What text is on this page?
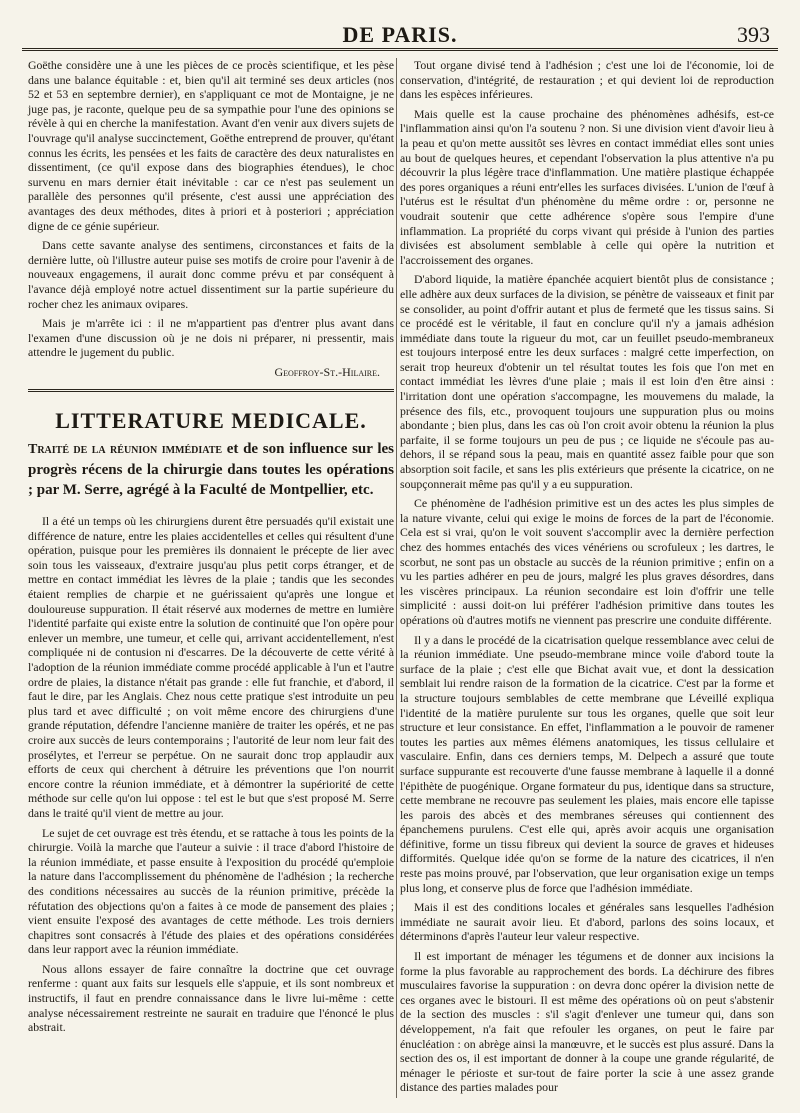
DE PARIS.	393

Goëthe considère une à une les pièces de ce procès scientifique, et les pèse dans une balance équitable : et, bien qu'il ait terminé ses deux articles (nos 52 et 53 en septembre dernier), en s'appliquant ce mot de Montaigne, je ne juge pas, je raconte, quelque peu de sa sympathie pour l'une des opinions se révèle à qui en cherche la manifestation. Avant d'en venir aux divers sujets de l'ouvrage qu'il analyse succinctement, Goëthe entreprend de prouver, qu'étant connus les écrits, les pensées et les faits de caractère des deux naturalistes en dissentiment, (ce qu'il expose dans des biographies étendues), le choc survenu en mars dernier était inévitable : car ce n'est pas seulement un parallèle des personnes qu'il présente, c'est aussi une appréciation des avantages des deux méthodes, dites à priori et à posteriori ; appréciation digne de ce génie supérieur.

Dans cette savante analyse des sentimens, circonstances et faits de la dernière lutte, où l'illustre auteur puise ses motifs de croire pour l'avenir à de nouveaux engagemens, il aurait donc comme prévu et par conséquent à l'avance déjà employé notre actuel dissentiment sur la partie supérieure du rocher chez les animaux ovipares.

Mais je m'arrête ici : il ne m'appartient pas d'entrer plus avant dans l'examen d'une discussion où je ne dois ni préparer, ni pressentir, mais attendre le jugement du public.

Geoffroy-St.-Hilaire.
LITTERATURE MEDICALE.
Traité de la réunion immédiate et de son influence sur les progrès récens de la chirurgie dans toutes les opérations ; par M. Serre, agrégé à la Faculté de Montpellier, etc.

Il a été un temps où les chirurgiens durent être persuadés qu'il existait une différence de nature, entre les plaies accidentelles et celles qui résultent d'une opération, puisque pour les premières ils donnaient le précepte de lier avec soin tous les vaisseaux, d'extraire jusqu'au plus petit corps étranger, et de mettre en contact immédiat les lèvres de la plaie ; tandis que les secondes étaient remplies de charpie et ne guérissaient qu'après une longue et douloureuse suppuration. Il était réservé aux modernes de mettre en lumière l'identité parfaite qui existe entre la solution de continuité que l'on opère pour enlever un membre, une tumeur, et celle qui, arrivant accidentellement, n'est compliquée ni de contusion ni d'escarres. De la découverte de cette vérité à l'adoption de la réunion immédiate comme procédé applicable à l'un et l'autre ordre de plaies, la distance n'était pas grande : elle fut franchie, et d'abord, il faut le dire, par les Anglais. Chez nous cette pratique s'est introduite un peu plus tard et avec difficulté ; on voit même encore des chirurgiens d'une grande réputation, défendre l'ancienne manière de traiter les opérés, et ne pas croire aux succès de leurs contemporains ; l'autorité de leur nom leur fait des prosélytes, et l'erreur se perpétue. On ne saurait donc trop applaudir aux efforts de ceux qui cherchent à détruire les préventions que l'on nourrit encore contre la réunion immédiate, et à démontrer la supériorité de cette méthode sur celle qu'on lui oppose : tel est le but que s'est proposé M. Serre dans le traité qu'il vient de mettre au jour.

Le sujet de cet ouvrage est très étendu, et se rattache à tous les points de la chirurgie. Voilà la marche que l'auteur a suivie : il trace d'abord l'histoire de la réunion immédiate, et passe ensuite à l'exposition du procédé qu'emploie la nature dans l'accomplissement du phénomène de l'adhésion ; la recherche des conditions nécessaires au succès de la réunion primitive, précède la réfutation des objections qu'on a faites à ce mode de pansement des plaies ; vient ensuite l'exposé des avantages de cette méthode. Les trois derniers chapitres sont consacrés à l'étude des plaies et des opérations considérées dans leur rapport avec la réunion immédiate.

Nous allons essayer de faire connaître la doctrine que cet ouvrage renferme : quant aux faits sur lesquels elle s'appuie, et ils sont nombreux et instructifs, il faut en prendre connaissance dans le livre lui-même : cette analyse nécessairement restreinte ne saurait en traduire que l'énoncé le plus abstrait.

Tout organe divisé tend à l'adhésion ; c'est une loi de l'économie, loi de conservation, d'intégrité, de restauration ; et qui devient loi de reproduction dans les espèces inférieures.

Mais quelle est la cause prochaine des phénomènes adhésifs, est-ce l'inflammation ainsi qu'on l'a soutenu ? non. Si une division vient d'avoir lieu à la peau et qu'on mette aussitôt ses lèvres en contact immédiat elles sont unies au bout de quelques heures, et cependant l'observation la plus attentive n'a pu découvrir la plus légère trace d'inflammation. Une matière plastique échappée des pores organiques a réuni entr'elles les surfaces divisées. L'union de l'œuf à l'utérus est le résultat d'un phénomène du même ordre : or, personne ne voudrait soutenir que cette adhérence s'opère sous l'empire d'une inflammation. La propriété du corps vivant qui préside à l'union des parties divisées est absolument semblable à celle qui opère la nutrition et l'accroissement des organes.

D'abord liquide, la matière épanchée acquiert bientôt plus de consistance ; elle adhère aux deux surfaces de la division, se pénètre de vaisseaux et finit par se consolider, au point d'offrir autant et plus de fermeté que les tissus sains. Si ce procédé est le véritable, il faut en conclure qu'il n'y a jamais adhésion immédiate dans toute la rigueur du mot, car un feuillet pseudo-membraneux est toujours interposé entre les deux surfaces : malgré cette imperfection, on serait trop heureux d'obtenir un tel résultat toutes les fois que l'on met en contact immédiat les lèvres d'une plaie ; mais il est loin d'en être ainsi : l'irritation dont une opération s'accompagne, les mouvemens du malade, la présence des fils, etc., provoquent toujours une suppuration plus ou moins abondante ; bien plus, dans les cas où l'on croit avoir obtenu la réunion la plus parfaite, il se forme toujours un peu de pus ; ce liquide ne s'écoule pas au-dehors, il se répand sous la peau, mais en quantité assez faible pour que son absorption soit facile, et sans les plis extérieurs que présente la cicatrice, on ne soupçonnerait même pas qu'il y a eu suppuration.

Ce phénomène de l'adhésion primitive est un des actes les plus simples de la nature vivante, celui qui exige le moins de forces de la part de l'économie. Cela est si vrai, qu'on le voit souvent s'accomplir avec la dernière perfection chez des hommes entachés des vices vénériens ou scrofuleux ; les dartres, le scorbut, ne sont pas un obstacle au succès de la réunion primitive ; enfin on a vu les parties adhérer en peu de jours, malgré les plus graves désordres, dans les viscères principaux. La réunion secondaire est loin d'offrir une telle simplicité : aussi doit-on lui préférer l'adhésion primitive dans toutes les opérations où d'autres motifs ne viennent pas prescrire une conduite différente.

Il y a dans le procédé de la cicatrisation quelque ressemblance avec celui de la réunion immédiate. Une pseudo-membrane mince voile d'abord toute la surface de la plaie ; c'est elle que Bichat avait vue, et dont la dessication semblait lui rendre raison de la formation de la cicatrice. C'est par la forme et la structure toujours semblables de cette membrane que Léveillé expliqua l'identité de la matière purulente sur tous les organes, quelle que soit leur structure et leur consistance. En effet, l'inflammation a le pouvoir de ramener toutes les parties aux mêmes élémens anatomiques, les tissus cellulaire et vasculaire. Enfin, dans ces derniers temps, M. Delpech a assuré que toute surface suppurante est recouverte d'une fausse membrane à laquelle il a donné l'épithète de puogénique. Organe formateur du pus, identique dans sa structure, cette membrane ne recouvre pas seulement les plaies, mais encore elle tapisse les parois des abcès et des membranes séreuses qui contiennent des épanchemens purulens. C'est elle qui, après avoir acquis une organisation définitive, forme un tissu fibreux qui devient la source de graves et hideuses difformités. Quelque idée qu'on se forme de la nature des cicatrices, il n'en reste pas moins prouvé, par l'observation, que leur organisation exige un temps plus long, et conserve plus de force que l'adhésion immédiate.

Mais il est des conditions locales et générales sans lesquelles l'adhésion immédiate ne saurait avoir lieu. Et d'abord, parlons des soins locaux, et déterminons d'après l'auteur leur valeur respective.

Il est important de ménager les tégumens et de donner aux incisions la forme la plus favorable au rapprochement des bords. La déchirure des fibres musculaires favorise la suppuration : on devra donc opérer la division nette de ces organes avec le bistouri. Il est même des opérations où on peut s'abstenir de la section des muscles : s'il s'agit d'enlever une tumeur qui, dans son développement, n'a fait que refouler les organes, on peut le faire par énucléation : on abrège ainsi la manœuvre, et le succès est plus assuré. Dans la section des os, il est important de donner à la coupe une grande régularité, de ménager le périoste et sur-tout de faire porter la scie à une assez grande distance des parties malades pour
